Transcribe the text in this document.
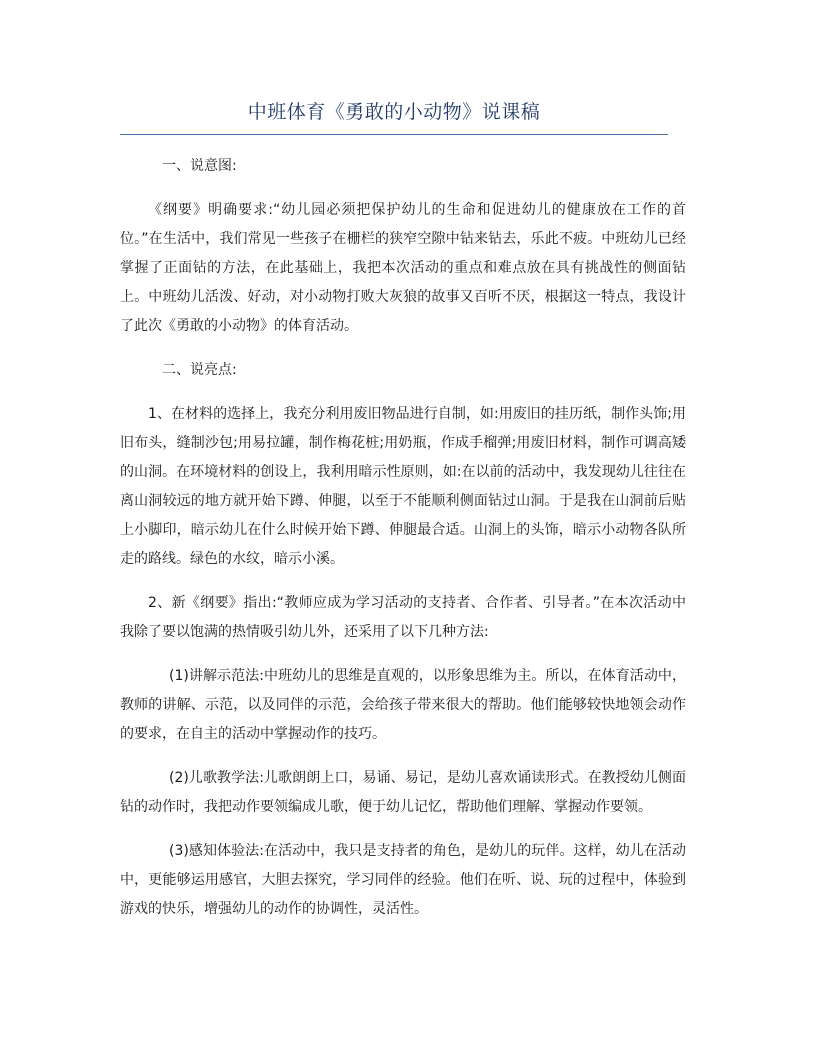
中班体育《勇敢的小动物》说课稿

一、说意图:

《纲要》明确要求:“幼儿园必须把保护幼儿的生命和促进幼儿的健康放在工作的首位。”在生活中，我们常见一些孩子在栅栏的狭窄空隙中钻来钻去，乐此不疲。中班幼儿已经掌握了正面钻的方法，在此基础上，我把本次活动的重点和难点放在具有挑战性的侧面钻上。中班幼儿活泼、好动，对小动物打败大灰狼的故事又百听不厌，根据这一特点，我设计了此次《勇敢的小动物》的体育活动。

二、说亮点:

1、在材料的选择上，我充分利用废旧物品进行自制，如:用废旧的挂历纸，制作头饰;用旧布头，缝制沙包;用易拉罐，制作梅花桩;用奶瓶，作成手榴弹;用废旧材料，制作可调高矮的山洞。在环境材料的创设上，我利用暗示性原则，如:在以前的活动中，我发现幼儿往往在离山洞较远的地方就开始下蹲、伸腿，以至于不能顺利侧面钻过山洞。于是我在山洞前后贴上小脚印，暗示幼儿在什么时候开始下蹲、伸腿最合适。山洞上的头饰，暗示小动物各队所走的路线。绿色的水纹，暗示小溪。

2、新《纲要》指出:“教师应成为学习活动的支持者、合作者、引导者。”在本次活动中我除了要以饱满的热情吸引幼儿外，还采用了以下几种方法:

(1)讲解示范法:中班幼儿的思维是直观的，以形象思维为主。所以，在体育活动中，教师的讲解、示范，以及同伴的示范，会给孩子带来很大的帮助。他们能够较快地领会动作的要求，在自主的活动中掌握动作的技巧。

(2)儿歌教学法:儿歌朗朗上口，易诵、易记，是幼儿喜欢诵读形式。在教授幼儿侧面钻的动作时，我把动作要领编成儿歌，便于幼儿记忆，帮助他们理解、掌握动作要领。

(3)感知体验法:在活动中，我只是支持者的角色，是幼儿的玩伴。这样，幼儿在活动中，更能够运用感官，大胆去探究，学习同伴的经验。他们在听、说、玩的过程中，体验到游戏的快乐，增强幼儿的动作的协调性，灵活性。
